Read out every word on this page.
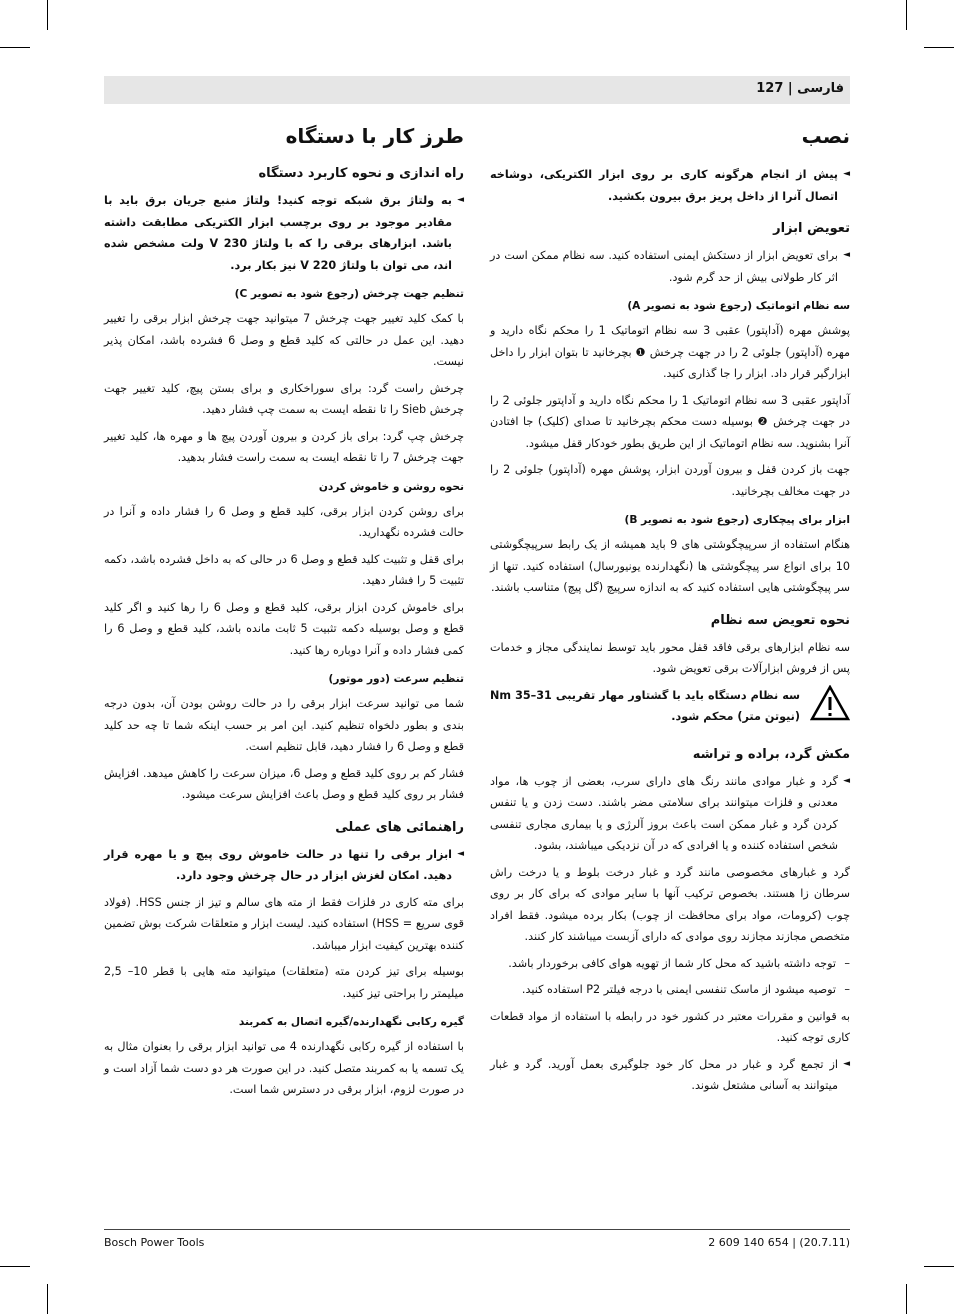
فارسی | 127
نصب

◄ پیش از انجام هرگونه کاری بر روی ابزار الکتریکی، دوشاخه اتصال آنرا از داخل پریز برق بیرون بکشید.

تعویض ابزار

◄ برای تعویض ابزار از دستکش ایمنی استفاده کنید. سه نظام ممکن است در اثر کار طولانی بیش از حد گرم شود.

سه نظام اتوماتیک (رجوع شود به تصویر A)

پوشش مهره (آداپتور) عقبی 3 سه نظام اتوماتیک 1 را محکم نگاه دارید و مهره (آداپتور) جلوئی 2 را در جهت چرخش ❶ بچرخانید تا بتوان ابزار را داخل ابزارگیر قرار داد. ابزار را جا گذاری کنید.

آداپتور عقبی 3 سه نظام اتوماتیک 1 را محکم نگاه دارید و آداپتور جلوئی 2 را در جهت چرخش ❷ بوسیله دست محکم بچرخانید تا صدای (کلیک) جا افتادن آنرا بشنوید. سه نظام اتوماتیک از این طریق بطور خودکار قفل میشود.

جهت باز کردن قفل و بیرون آوردن ابزار، پوشش مهره (آداپتور) جلوئی 2 را در جهت مخالف بچرخانید.

ابزار برای پیچکاری (رجوع شود به تصویر B)

هنگام استفاده از سرپیچگوشتی های 9 باید همیشه از یک رابط سرپیچگوشتی 10 برای انواع سر پیچگوشتی ها (نگهدارنده یونیورسال) استفاده کنید. تنها از سر پیچگوشتی هایی استفاده کنید که به اندازه سرپیچ (گل پیچ) متناسب باشند.

نحوه تعویض سه نظام

سه نظام ابزارهای برقی فاقد قفل محور باید توسط نمایندگی مجاز و خدمات پس از فروش ابزارآلات برقی تعویض شود.

سه نظام دستگاه باید با گشتاور مهار تقریبی 31–35 Nm (نیوتن متر) محکم شود.

مکش گرد، براده و تراشه

◄ گرد و غبار موادی مانند رنگ های دارای سرب، بعضی از چوب ها، مواد معدنی و فلزات میتوانند برای سلامتی مضر باشند. دست زدن و یا تنفس کردن گرد و غبار ممکن است باعث بروز آلرژی و یا بیماری مجاری تنفسی شخص استفاده کننده و یا افرادی که در آن نزدیکی میباشند، بشود.

گرد و غبارهای مخصوصی مانند گرد و غبار درخت بلوط و یا درخت راش سرطان زا هستند. بخصوص ترکیب آنها با سایر موادی که برای کار بر روی چوب (کرومات، مواد برای محافظت از چوب) بکار برده میشود. فقط افراد متخصص مجازند مجازند روی موادی که دارای آزبست میباشند کار کنند.

– توجه داشته باشید که محل کار شما از تهویه هوای کافی برخوردار باشد.

– توصیه میشود از ماسک تنفسی ایمنی با درجه فیلتر P2 استفاده کنید.

به قوانین و مقررات معتبر در کشور خود در رابطه با استفاده از مواد قطعات کاری توجه کنید.

◄ از تجمع گرد و غبار در محل کار خود جلوگیری بعمل آورید. گرد و غبار میتوانند به آسانی مشتعل شوند.

طرز کار با دستگاه
راه اندازی و نحوه کاربرد دستگاه

◄ به ولتاژ برق شبکه توجه کنید! ولتاژ منبع جریان برق باید با مقادیر موجود بر روی برچسب ابزار الکتریکی مطابقت داشته باشد. ابزارهای برقی را که با ولتاژ 230 V ولت مشخص شده اند، می توان با ولتاژ 220 V نیز بکار برد.

تنظیم جهت چرخش (رجوع شود به تصویر C)

با کمک کلید تغییر جهت چرخش 7 میتوانید جهت چرخش ابزار برقی را تغییر دهید. این عمل در حالتی که کلید قطع و وصل 6 فشرده باشد، امکان پذیر نیست.

چرخش راست گرد: برای سوراخکاری و برای بستن پیچ، کلید تغییر جهت چرخش Sieb را تا نقطه ایست به سمت چپ فشار دهید.

چرخش چپ گرد: برای باز کردن و بیرون آوردن پیچ ها و مهره ها، کلید تغییر جهت چرخش 7 را تا نقطه ایست به سمت راست فشار بدهید.

نحوه روشن و خاموش کردن

برای روشن کردن ابزار برقی، کلید قطع و وصل 6 را فشار داده و آنرا در حالت فشرده نگهدارید.

برای قفل و تثبیت کلید قطع و وصل 6 در حالی که به داخل فشرده باشد، دکمه تثبیت 5 را فشار دهید.

برای خاموش کردن ابزار برقی، کلید قطع و وصل 6 را رها کنید و اگر کلید قطع و وصل بوسیله دکمه تثبیت 5 ثابت مانده باشد، کلید قطع و وصل 6 را کمی فشار داده و آنرا دوباره رها کنید.

تنظیم سرعت (دور موتور)

شما می توانید سرعت ابزار برقی را در حالت روشن بودن آن، بدون درجه بندی و بطور دلخواه تنظیم کنید. این امر بر حسب اینکه شما تا چه حد کلید قطع و وصل 6 را فشار دهید، قابل تنظیم است.

فشار کم بر روی کلید قطع و وصل 6، میزان سرعت را کاهش میدهد. افزایش فشار بر روی کلید قطع و وصل باعث افزایش سرعت میشود.

راهنمائی های عملی

◄ ابزار برقی را تنها در حالت خاموش روی پیچ و یا مهره قرار دهید. امکان لغزش ابزار در حال چرخش وجود دارد.

برای مته کاری در فلزات فقط از مته های سالم و تیز از جنس HSS. (فولاد قوی سریع = HSS) استفاده کنید. لیست ابزار و متعلقات شرکت بوش تضمین کننده بهترین کیفیت ابزار میباشد.

بوسیله برای تیز کردن مته (متعلقات) میتوانید مته هایی با قطر 10– 2,5 میلیمتر را براحتی تیز کنید.

گیره رکابی نگهدارنده/گیره اتصال به کمربند

با استفاده از گیره رکابی نگهدارنده 4 می توانید ابزار برقی را بعنوان مثال به یک تسمه یا به کمربند متصل کنید. در این صورت هر دو دست شما آزاد است و در صورت لزوم، ابزار برقی در دسترس شما است.

Bosch Power Tools	2 609 140 654 | (20.7.11)
